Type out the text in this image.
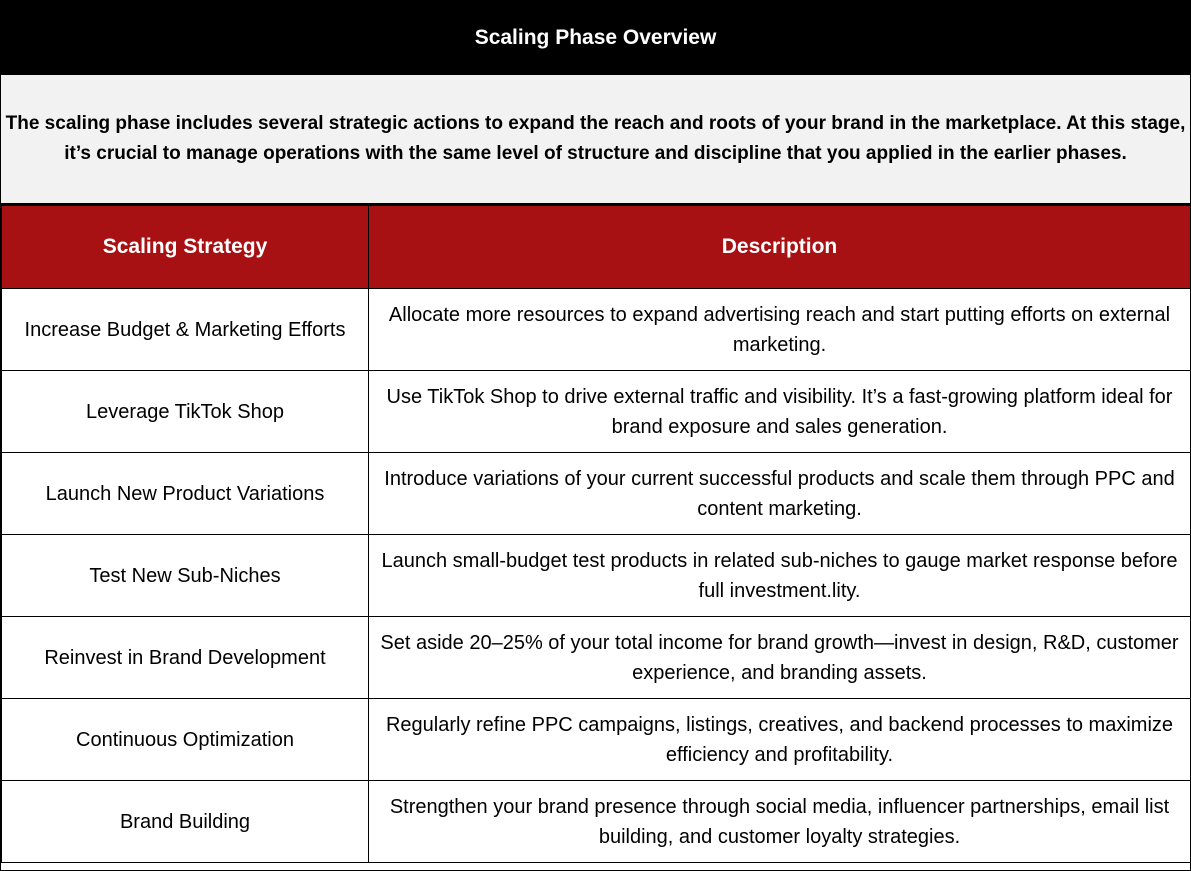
Scaling Phase Overview
The scaling phase includes several strategic actions to expand the reach and roots of your brand in the marketplace. At this stage, it’s crucial to manage operations with the same level of structure and discipline that you applied in the earlier phases.
Scaling Strategy	Description
Increase Budget & Marketing Efforts	Allocate more resources to expand advertising reach and start putting efforts on external marketing.
Leverage TikTok Shop	Use TikTok Shop to drive external traffic and visibility. It’s a fast-growing platform ideal for brand exposure and sales generation.
Launch New Product Variations	Introduce variations of your current successful products and scale them through PPC and content marketing.
Test New Sub-Niches	Launch small-budget test products in related sub-niches to gauge market response before full investment.lity.
Reinvest in Brand Development	Set aside 20–25% of your total income for brand growth—invest in design, R&D, customer experience, and branding assets.
Continuous Optimization	Regularly refine PPC campaigns, listings, creatives, and backend processes to maximize efficiency and profitability.
Brand Building	Strengthen your brand presence through social media, influencer partnerships, email list building, and customer loyalty strategies.
